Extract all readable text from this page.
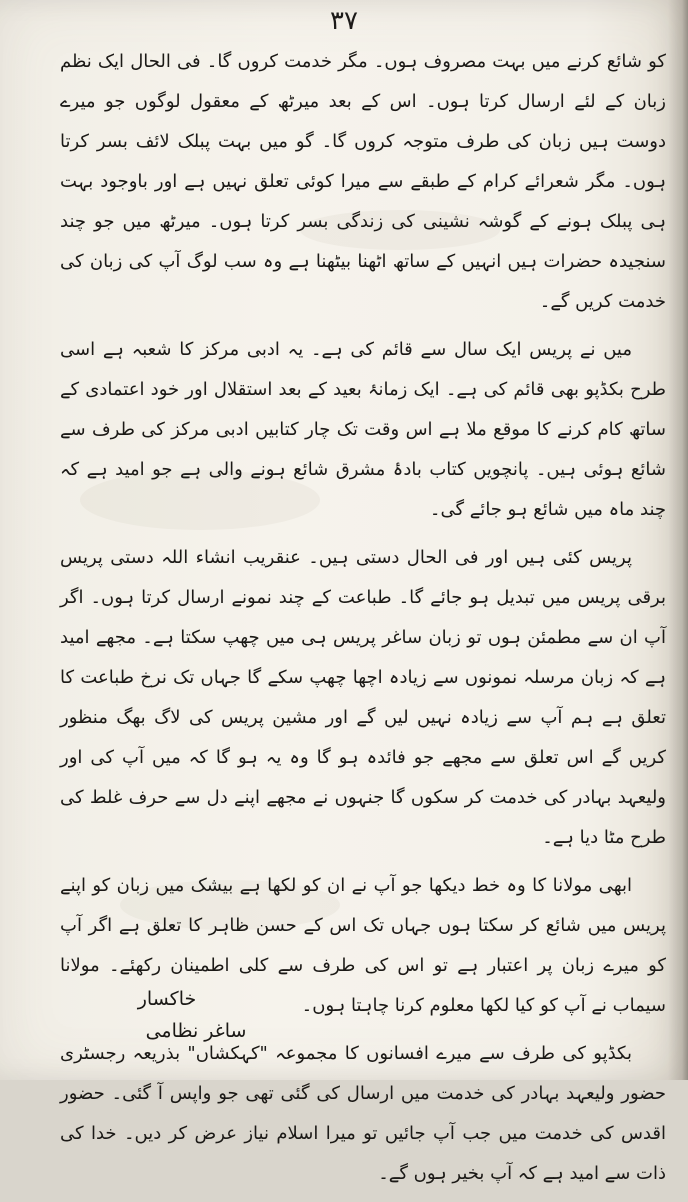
۳۷

کو شائع کرنے میں بہت مصروف ہوں۔ مگر خدمت کروں گا۔ فی الحال ایک نظم زبان کے لئے ارسال کرتا ہوں۔ اس کے بعد میرٹھ کے معقول لوگوں جو میرے دوست ہیں زبان کی طرف متوجہ کروں گا۔ گو میں بہت پبلک لائف بسر کرتا ہوں۔ مگر شعرائے کرام کے طبقے سے میرا کوئی تعلق نہیں ہے اور باوجود بہت ہی پبلک ہونے کے گوشہ نشینی کی زندگی بسر کرتا ہوں۔ میرٹھ میں جو چند سنجیدہ حضرات ہیں انہیں کے ساتھ اٹھنا بیٹھنا ہے وہ سب لوگ آپ کی زبان کی خدمت کریں گے۔

میں نے پریس ایک سال سے قائم کی ہے۔ یہ ادبی مرکز کا شعبہ ہے اسی طرح بکڈپو بھی قائم کی ہے۔ ایک زمانۂ بعید کے بعد استقلال اور خود اعتمادی کے ساتھ کام کرنے کا موقع ملا ہے اس وقت تک چار کتابیں ادبی مرکز کی طرف سے شائع ہوئی ہیں۔ پانچویں کتاب بادۂ مشرق شائع ہونے والی ہے جو امید ہے کہ چند ماہ میں شائع ہو جائے گی۔

پریس کئی ہیں اور فی الحال دستی ہیں۔ عنقریب انشاء اللہ دستی پریس برقی پریس میں تبدیل ہو جائے گا۔ طباعت کے چند نمونے ارسال کرتا ہوں۔ اگر آپ ان سے مطمئن ہوں تو زبان ساغر پریس ہی میں چھپ سکتا ہے۔ مجھے امید ہے کہ زبان مرسلہ نمونوں سے زیادہ اچھا چھپ سکے گا جہاں تک نرخ طباعت کا تعلق ہے ہم آپ سے زیادہ نہیں لیں گے اور مشین پریس کی لاگ بھگ منظور کریں گے اس تعلق سے مجھے جو فائدہ ہو گا وہ یہ ہو گا کہ میں آپ کی اور ولیعہد بہادر کی خدمت کر سکوں گا جنہوں نے مجھے اپنے دل سے حرف غلط کی طرح مٹا دیا ہے۔

ابھی مولانا کا وہ خط دیکھا جو آپ نے ان کو لکھا ہے بیشک میں زبان کو اپنے پریس میں شائع کر سکتا ہوں جہاں تک اس کے حسن ظاہر کا تعلق ہے اگر آپ کو میرے زبان پر اعتبار ہے تو اس کی طرف سے کلی اطمینان رکھئے۔ مولانا سیماب نے آپ کو کیا لکھا معلوم کرنا چاہتا ہوں۔

بکڈپو کی طرف سے میرے افسانوں کا مجموعہ "کہکشاں" بذریعہ رجسٹری حضور ولیعہد بہادر کی خدمت میں ارسال کی گئی تھی جو واپس آ گئی۔ حضور اقدس کی خدمت میں جب آپ جائیں تو میرا اسلام نیاز عرض کر دیں۔ خدا کی ذات سے امید ہے کہ آپ بخیر ہوں گے۔

خاکسار
ساغر نظامی
